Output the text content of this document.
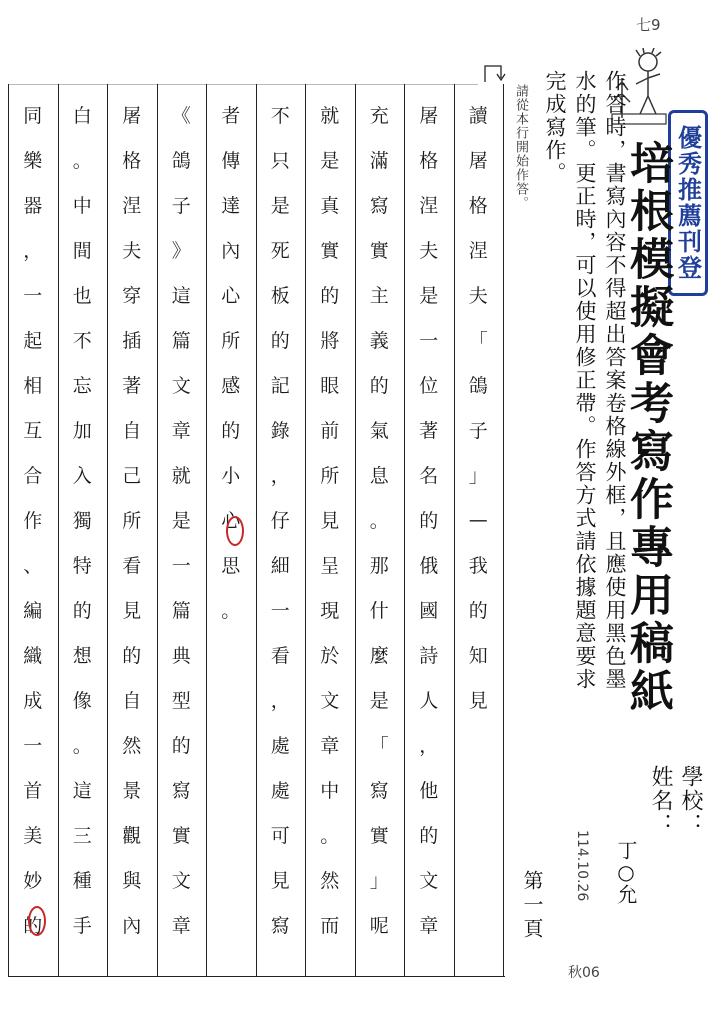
七9
優秀推薦刊登
培根模擬會考寫作專用稿紙
作答時，書寫內容不得超出答案卷格線外框，且應使用黑色墨水的筆。更正時，可以使用修正帶。作答方式請依據題意要求完成寫作。
學校：
姓名：
丁○允
114.10.26
秋06
第一頁
請從本行開始作答。
讀
屠
格
涅
夫
「
鴿
子
」
—
我
的
知
見
屠
格
涅
夫
是
一
位
著
名
的
俄
國
詩
人
，
他
的
文
章
充
滿
寫
實
主
義
的
氣
息
。
那
什
麼
是
「
寫
實
」
呢
就
是
真
實
的
將
眼
前
所
見
呈
現
於
文
章
中
。
然
而
不
只
是
死
板
的
記
錄
，
仔
細
一
看
，
處
處
可
見
寫
者
傳
達
內
心
所
感
的
小
心
思
。
《
鴿
子
》
這
篇
文
章
就
是
一
篇
典
型
的
寫
實
文
章
屠
格
涅
夫
穿
插
著
自
己
所
看
見
的
自
然
景
觀
與
內
白
。
中
間
也
不
忘
加
入
獨
特
的
想
像
。
這
三
種
手
同
樂
器
，
一
起
相
互
合
作
、
編
織
成
一
首
美
妙
的
